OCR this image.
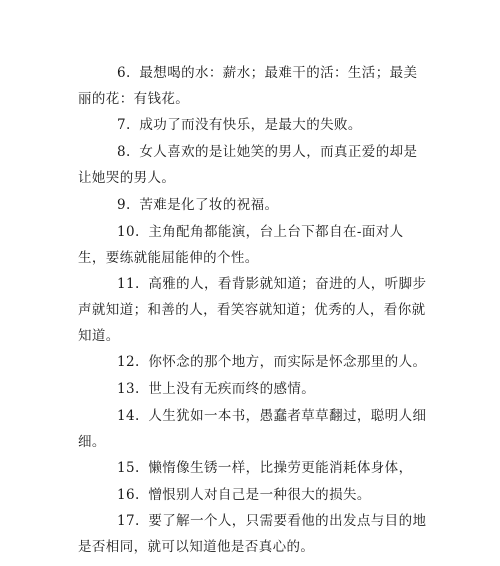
6. 最想喝的水：薪水；最难干的活：生活；最美丽的花：有钱花。

7. 成功了而没有快乐，是最大的失败。

8. 女人喜欢的是让她笑的男人，而真正爱的却是让她哭的男人。

9. 苦难是化了妆的祝福。

10. 主角配角都能演，台上台下都自在-面对人生，要练就能屈能伸的个性。

11. 高雅的人，看背影就知道；奋进的人，听脚步声就知道；和善的人，看笑容就知道；优秀的人，看你就知道。

12. 你怀念的那个地方，而实际是怀念那里的人。

13. 世上没有无疾而终的感情。

14. 人生犹如一本书，愚蠢者草草翻过，聪明人细细。

15. 懒惰像生锈一样，比操劳更能消耗体身体，

16. 憎恨别人对自己是一种很大的损失。

17. 要了解一个人，只需要看他的出发点与目的地是否相同，就可以知道他是否真心的。
